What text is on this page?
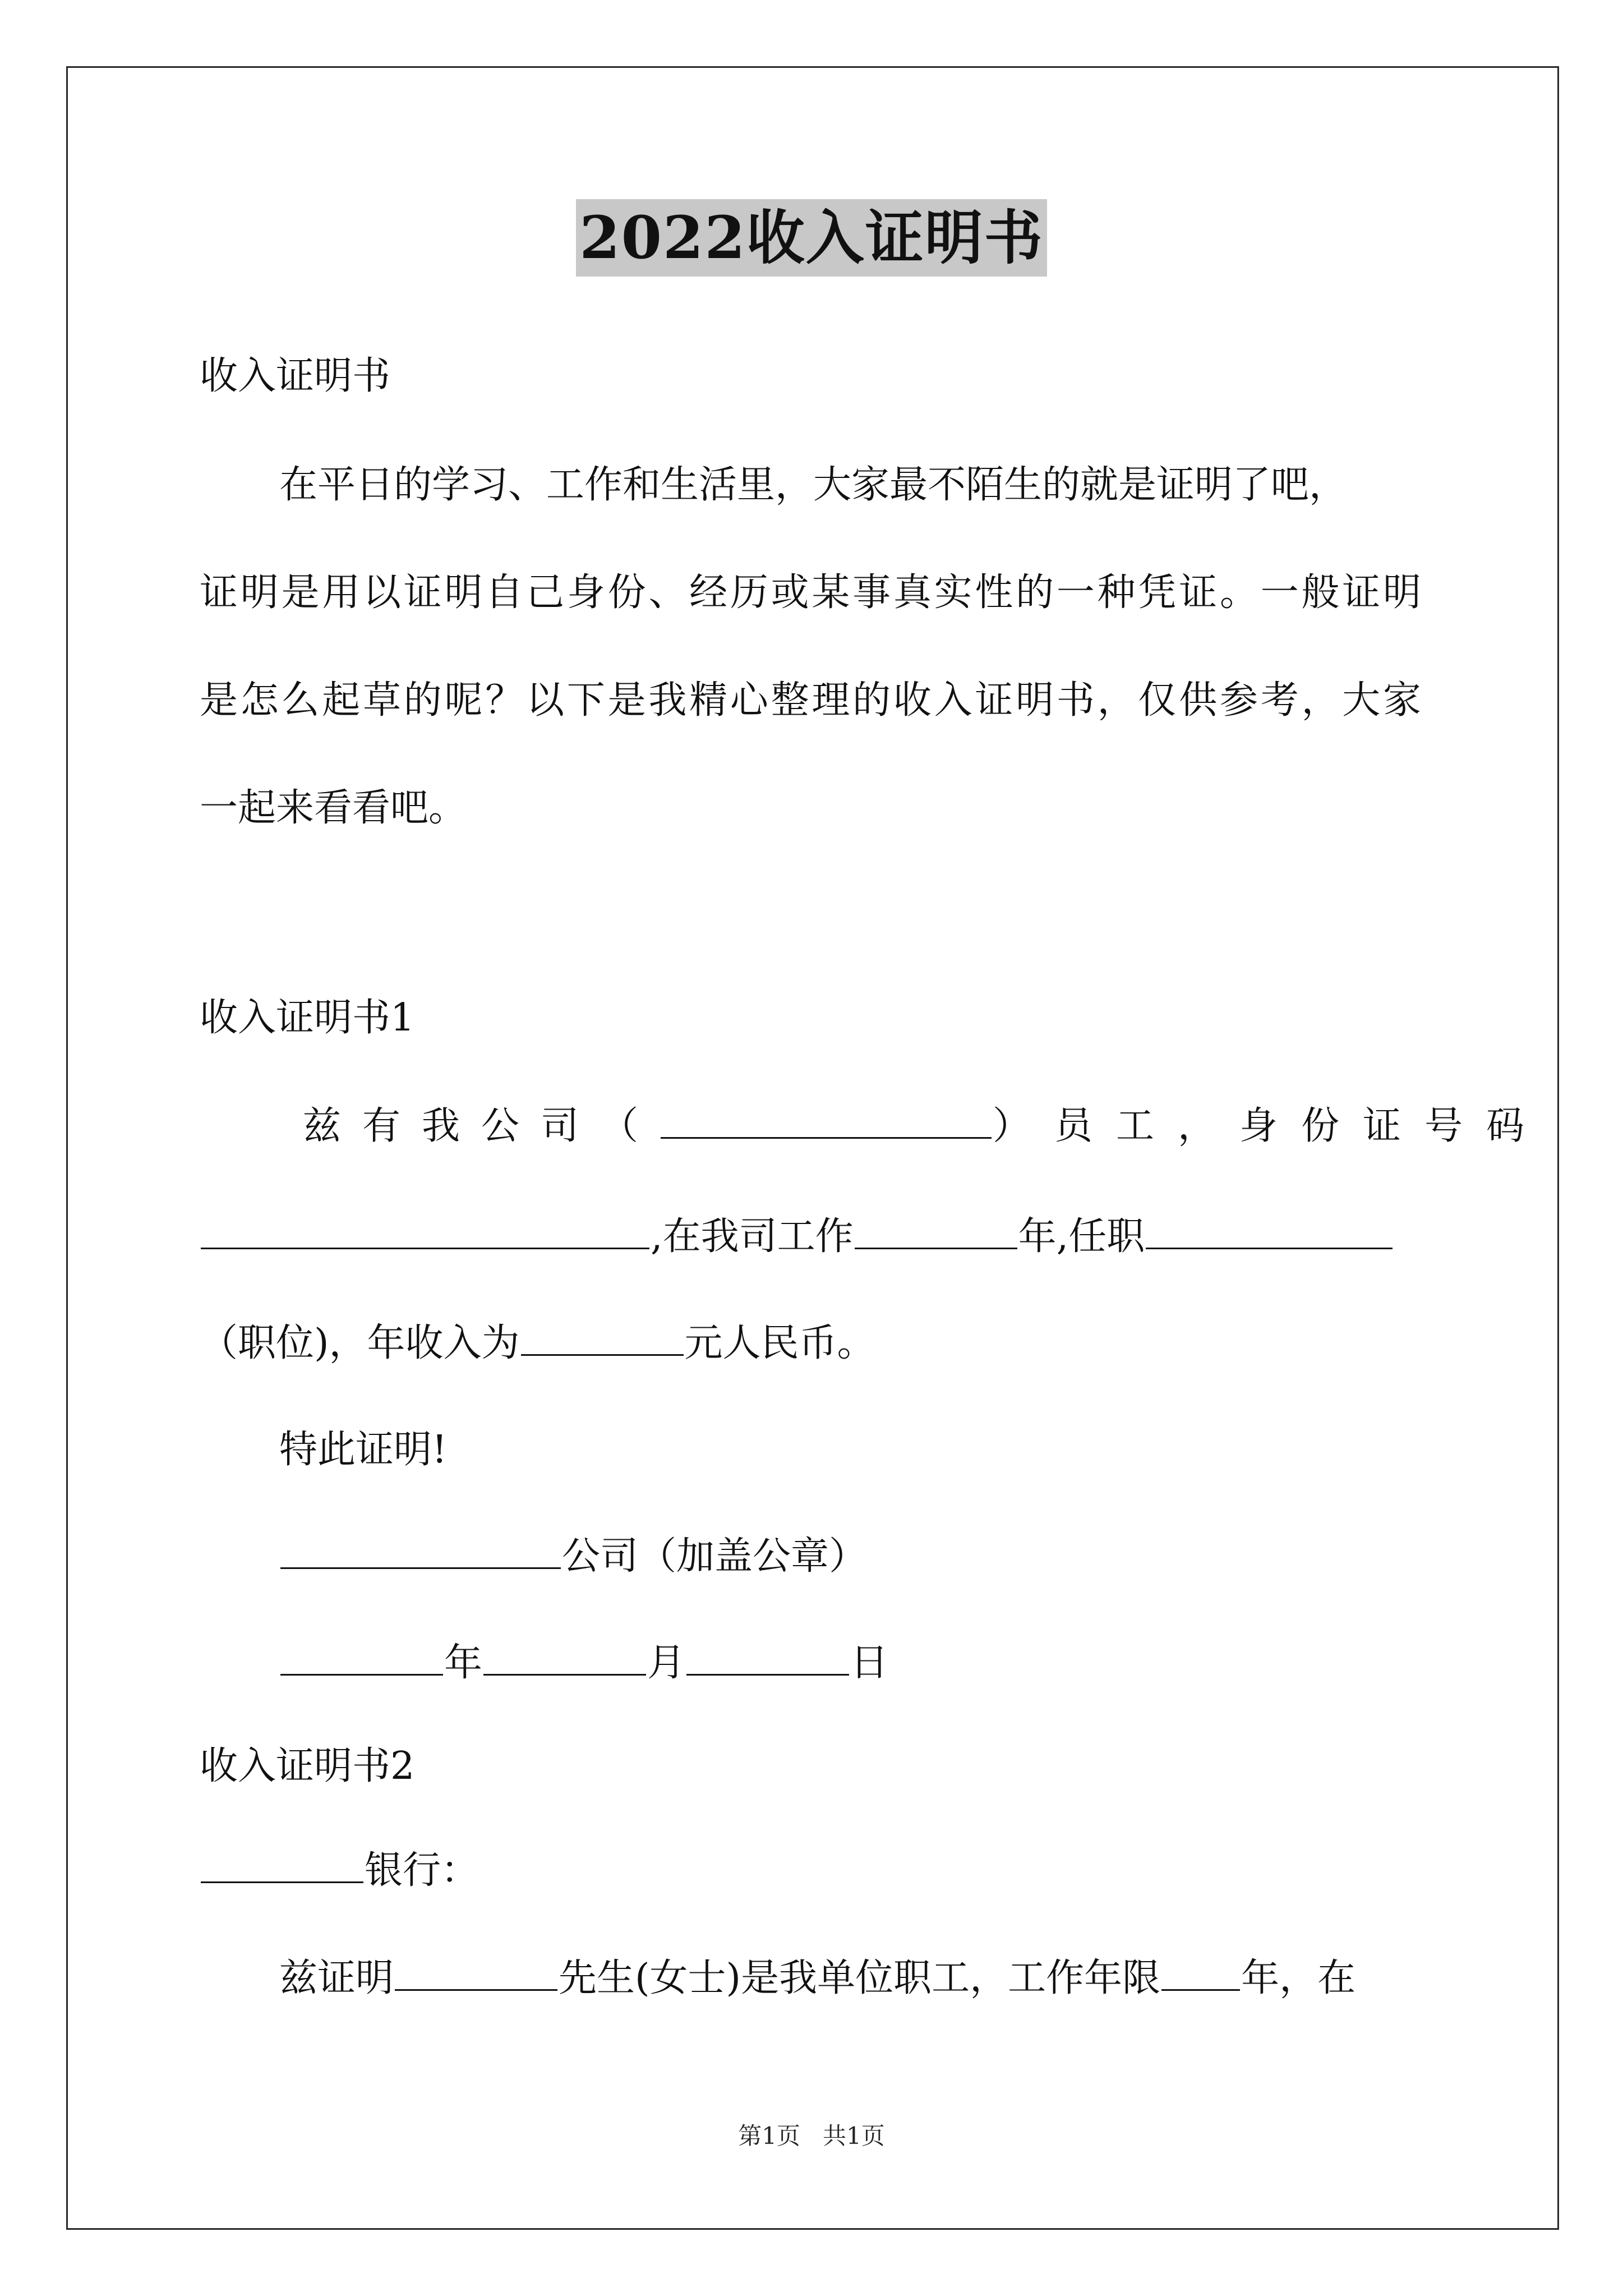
2022收入证明书
收入证明书
在平日的学习、工作和生活里，大家最不陌生的就是证明了吧，
证明是用以证明自己身份、经历或某事真实性的一种凭证。一般证明
是怎么起草的呢？以下是我精心整理的收入证明书，仅供参考，大家
一起来看看吧。
收入证明书1
兹有我公司（	）员工，身份证号码
,在我司工作	年,任职
（职位)，年收入为	元人民币。
特此证明!
公司（加盖公章）
年	月	日
收入证明书2
银行：
兹证明	先生(女士)是我单位职工，工作年限 年，在
第1页 共1页
